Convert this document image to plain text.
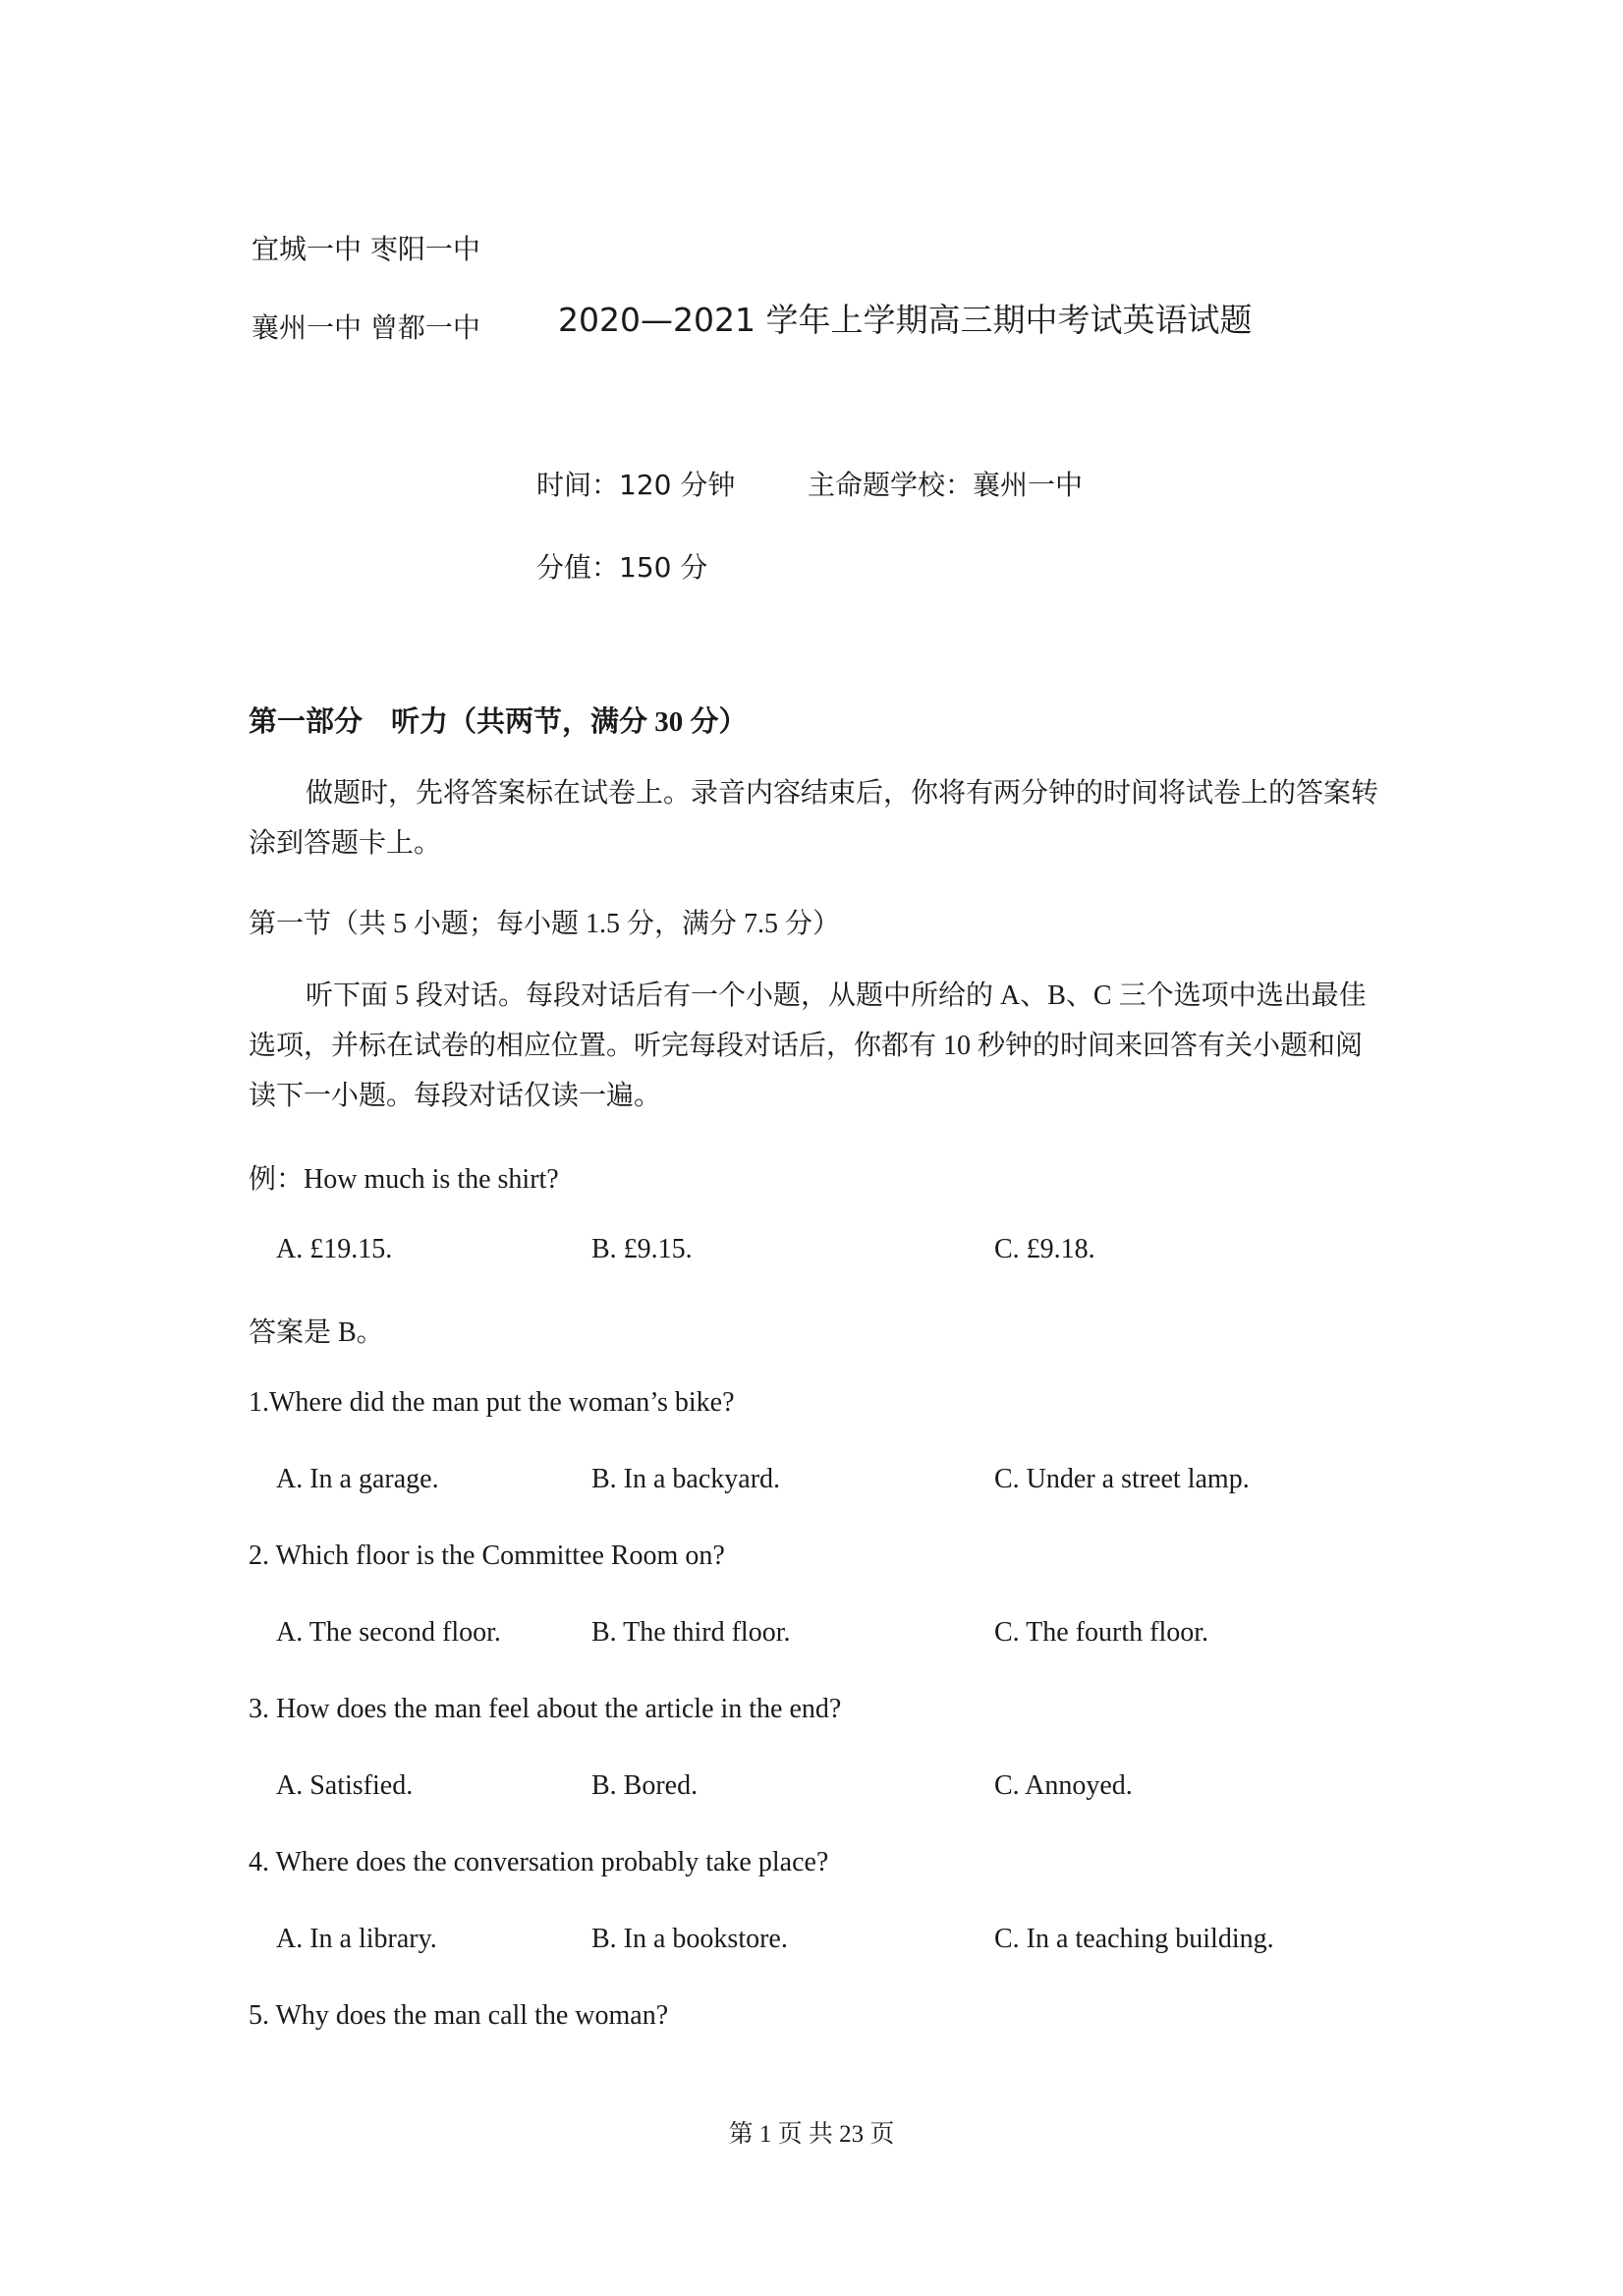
宜城一中 枣阳一中
襄州一中 曾都一中 2020—2021 学年上学期高三期中考试英语试题
时间：120 分钟	主命题学校：襄州一中
分值：150 分
第一部分　听力（共两节，满分 30 分）
做题时，先将答案标在试卷上。录音内容结束后，你将有两分钟的时间将试卷上的答案转涂到答题卡上。
第一节（共 5 小题；每小题 1.5 分，满分 7.5 分）
听下面 5 段对话。每段对话后有一个小题，从题中所给的 A、B、C 三个选项中选出最佳选项，并标在试卷的相应位置。听完每段对话后，你都有 10 秒钟的时间来回答有关小题和阅读下一小题。每段对话仅读一遍。
例：How much is the shirt?
A. £19.15.	B. £9.15.	C. £9.18.
答案是 B。
1.Where did the man put the woman’s bike?
A. In a garage.	B. In a backyard.	C. Under a street lamp.
2. Which floor is the Committee Room on?
A. The second floor.	B. The third floor.	C. The fourth floor.
3. How does the man feel about the article in the end?
A. Satisfied.	B. Bored.	C. Annoyed.
4. Where does the conversation probably take place?
A. In a library.	B. In a bookstore.	C. In a teaching building.
5. Why does the man call the woman?
第 1 页 共 23 页
